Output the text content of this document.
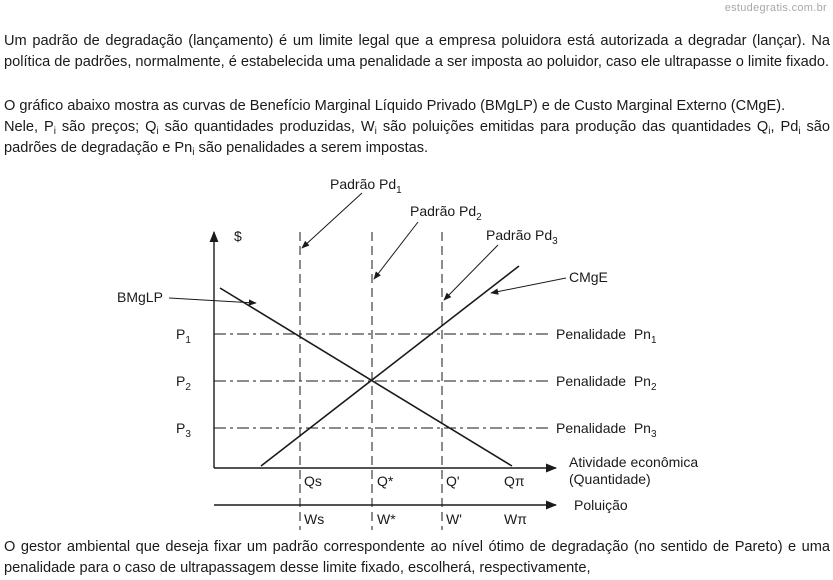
estudegratis.com.br

Um padrão de degradação (lançamento) é um limite legal que a empresa poluidora está autorizada a degradar (lançar). Na política de padrões, normalmente, é estabelecida uma penalidade a ser imposta ao poluidor, caso ele ultrapasse o limite fixado.

O gráfico abaixo mostra as curvas de Benefício Marginal Líquido Privado (BMgLP) e de Custo Marginal Externo (CMgE).
Nele, $P_i$ são preços; $Q_i$ são quantidades produzidas, $W_i$ são poluições emitidas para produção das quantidades $Q_i$, $Pd_i$ são padrões de degradação e $Pn_i$ são penalidades a serem impostas.

$
BMgLP
CMgE
Padrão $Pd_1$
Padrão $Pd_2$
Padrão $Pd_3$
$P_1$
$P_2$
$P_3$
Penalidade  $Pn_1$
Penalidade  $Pn_2$
Penalidade  $Pn_3$
Qs	Q*	Q'	Qπ
Atividade econômica
(Quantidade)
Ws	W*	W'	Wπ
Poluição

O gestor ambiental que deseja fixar um padrão correspondente ao nível ótimo de degradação (no sentido de Pareto) e uma penalidade para o caso de ultrapassagem desse limite fixado, escolherá, respectivamente,
